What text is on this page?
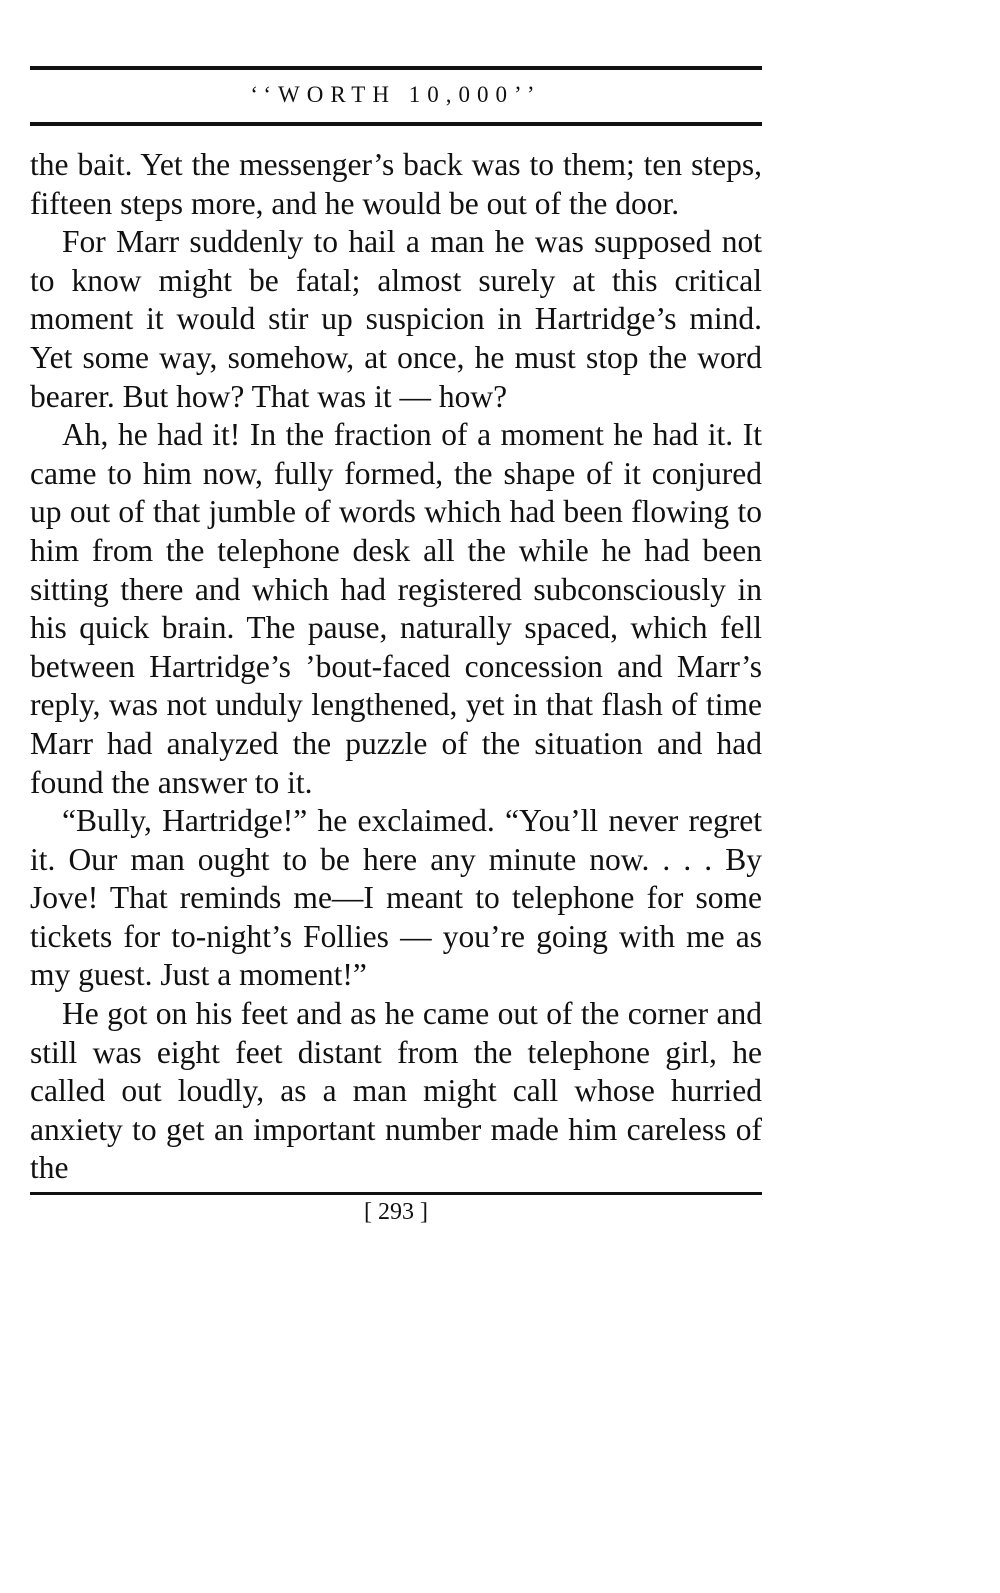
‘‘WORTH 10,000’’

the bait. Yet the messenger’s back was to them; ten steps, fifteen steps more, and he would be out of the door.

For Marr suddenly to hail a man he was supposed not to know might be fatal; almost surely at this critical moment it would stir up suspicion in Hartridge’s mind. Yet some way, somehow, at once, he must stop the word bearer. But how? That was it — how?

Ah, he had it! In the fraction of a moment he had it. It came to him now, fully formed, the shape of it conjured up out of that jumble of words which had been flowing to him from the telephone desk all the while he had been sitting there and which had registered subconsciously in his quick brain. The pause, naturally spaced, which fell between Hartridge’s ’bout-faced concession and Marr’s reply, was not unduly lengthened, yet in that flash of time Marr had analyzed the puzzle of the situation and had found the answer to it.

“Bully, Hartridge!” he exclaimed. “You’ll never regret it. Our man ought to be here any minute now. . . . By Jove! That reminds me—I meant to telephone for some tickets for to-night’s Follies — you’re going with me as my guest. Just a moment!”

He got on his feet and as he came out of the corner and still was eight feet distant from the telephone girl, he called out loudly, as a man might call whose hurried anxiety to get an important number made him careless of the

[ 293 ]
